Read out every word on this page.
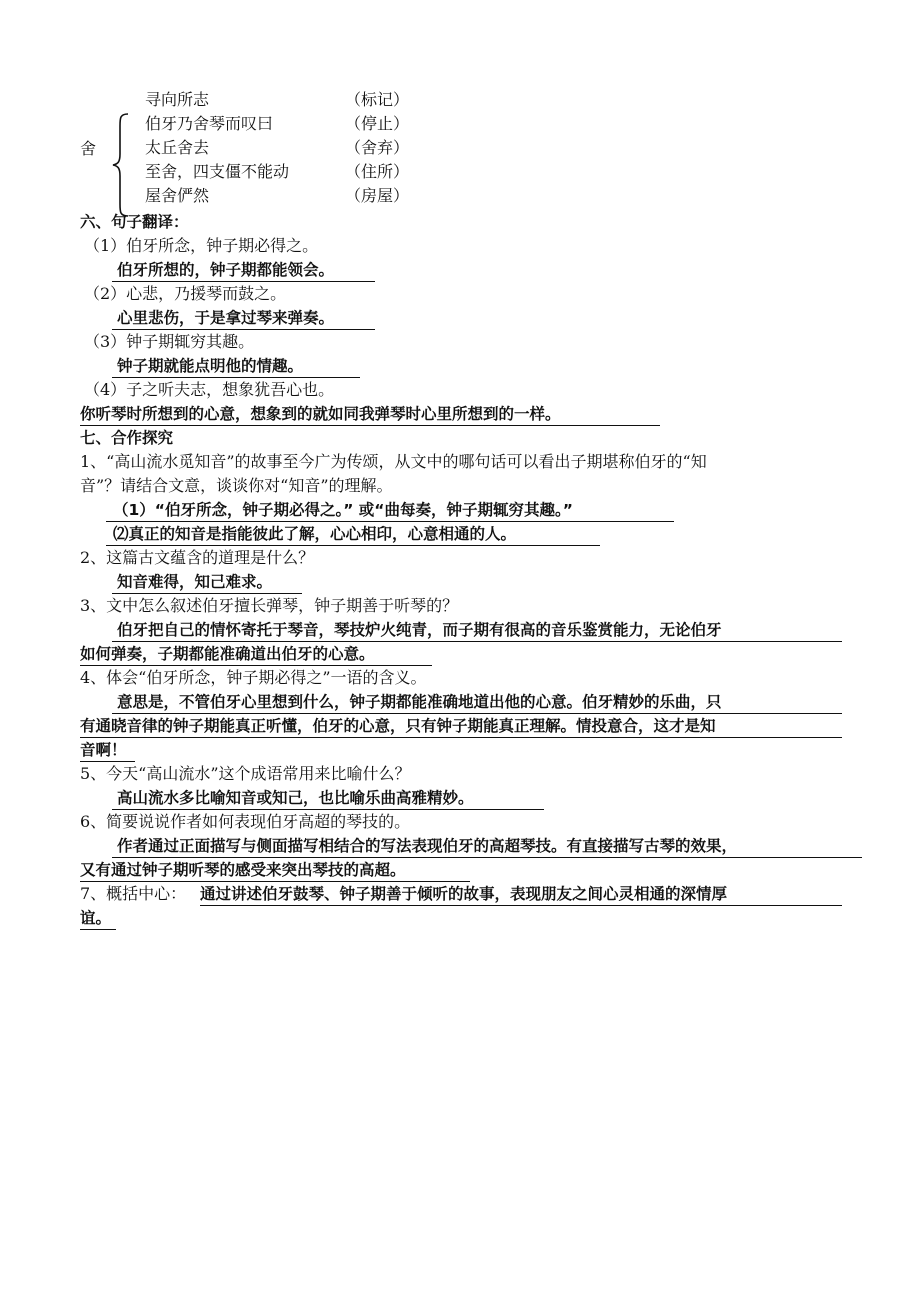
寻向所志	（标记）
伯牙乃舍琴而叹曰	（停止）
太丘舍去	（舍弃）
至舍，四支僵不能动	（住所）
屋舍俨然	（房屋）
舍
六、句子翻译：
（1）伯牙所念，钟子期必得之。
伯牙所想的，钟子期都能领会。
（2）心悲，乃援琴而鼓之。
心里悲伤，于是拿过琴来弹奏。
（3）钟子期辄穷其趣。
钟子期就能点明他的情趣。
（4）子之听夫志，想象犹吾心也。
你听琴时所想到的心意，想象到的就如同我弹琴时心里所想到的一样。
七、合作探究
1、“高山流水觅知音”的故事至今广为传颂，从文中的哪句话可以看出子期堪称伯牙的“知
音”？请结合文意，谈谈你对“知音”的理解。
（1）“伯牙所念，钟子期必得之。” 或“曲每奏，钟子期辄穷其趣。”
⑵真正的知音是指能彼此了解，心心相印，心意相通的人。
2、这篇古文蕴含的道理是什么？
知音难得，知己难求。
3、文中怎么叙述伯牙擅长弹琴，钟子期善于听琴的？
伯牙把自己的情怀寄托于琴音，琴技炉火纯青，而子期有很高的音乐鉴赏能力，无论伯牙
如何弹奏，子期都能准确道出伯牙的心意。
4、体会“伯牙所念，钟子期必得之”一语的含义。
意思是，不管伯牙心里想到什么，钟子期都能准确地道出他的心意。伯牙精妙的乐曲，只
有通晓音律的钟子期能真正听懂，伯牙的心意，只有钟子期能真正理解。情投意合，这才是知
音啊！
5、今天“高山流水”这个成语常用来比喻什么？
高山流水多比喻知音或知己，也比喻乐曲高雅精妙。
6、简要说说作者如何表现伯牙高超的琴技的。
作者通过正面描写与侧面描写相结合的写法表现伯牙的高超琴技。有直接描写古琴的效果，
又有通过钟子期听琴的感受来突出琴技的高超。
7、概括中心： 通过讲述伯牙鼓琴、钟子期善于倾听的故事，表现朋友之间心灵相通的深情厚
谊。
